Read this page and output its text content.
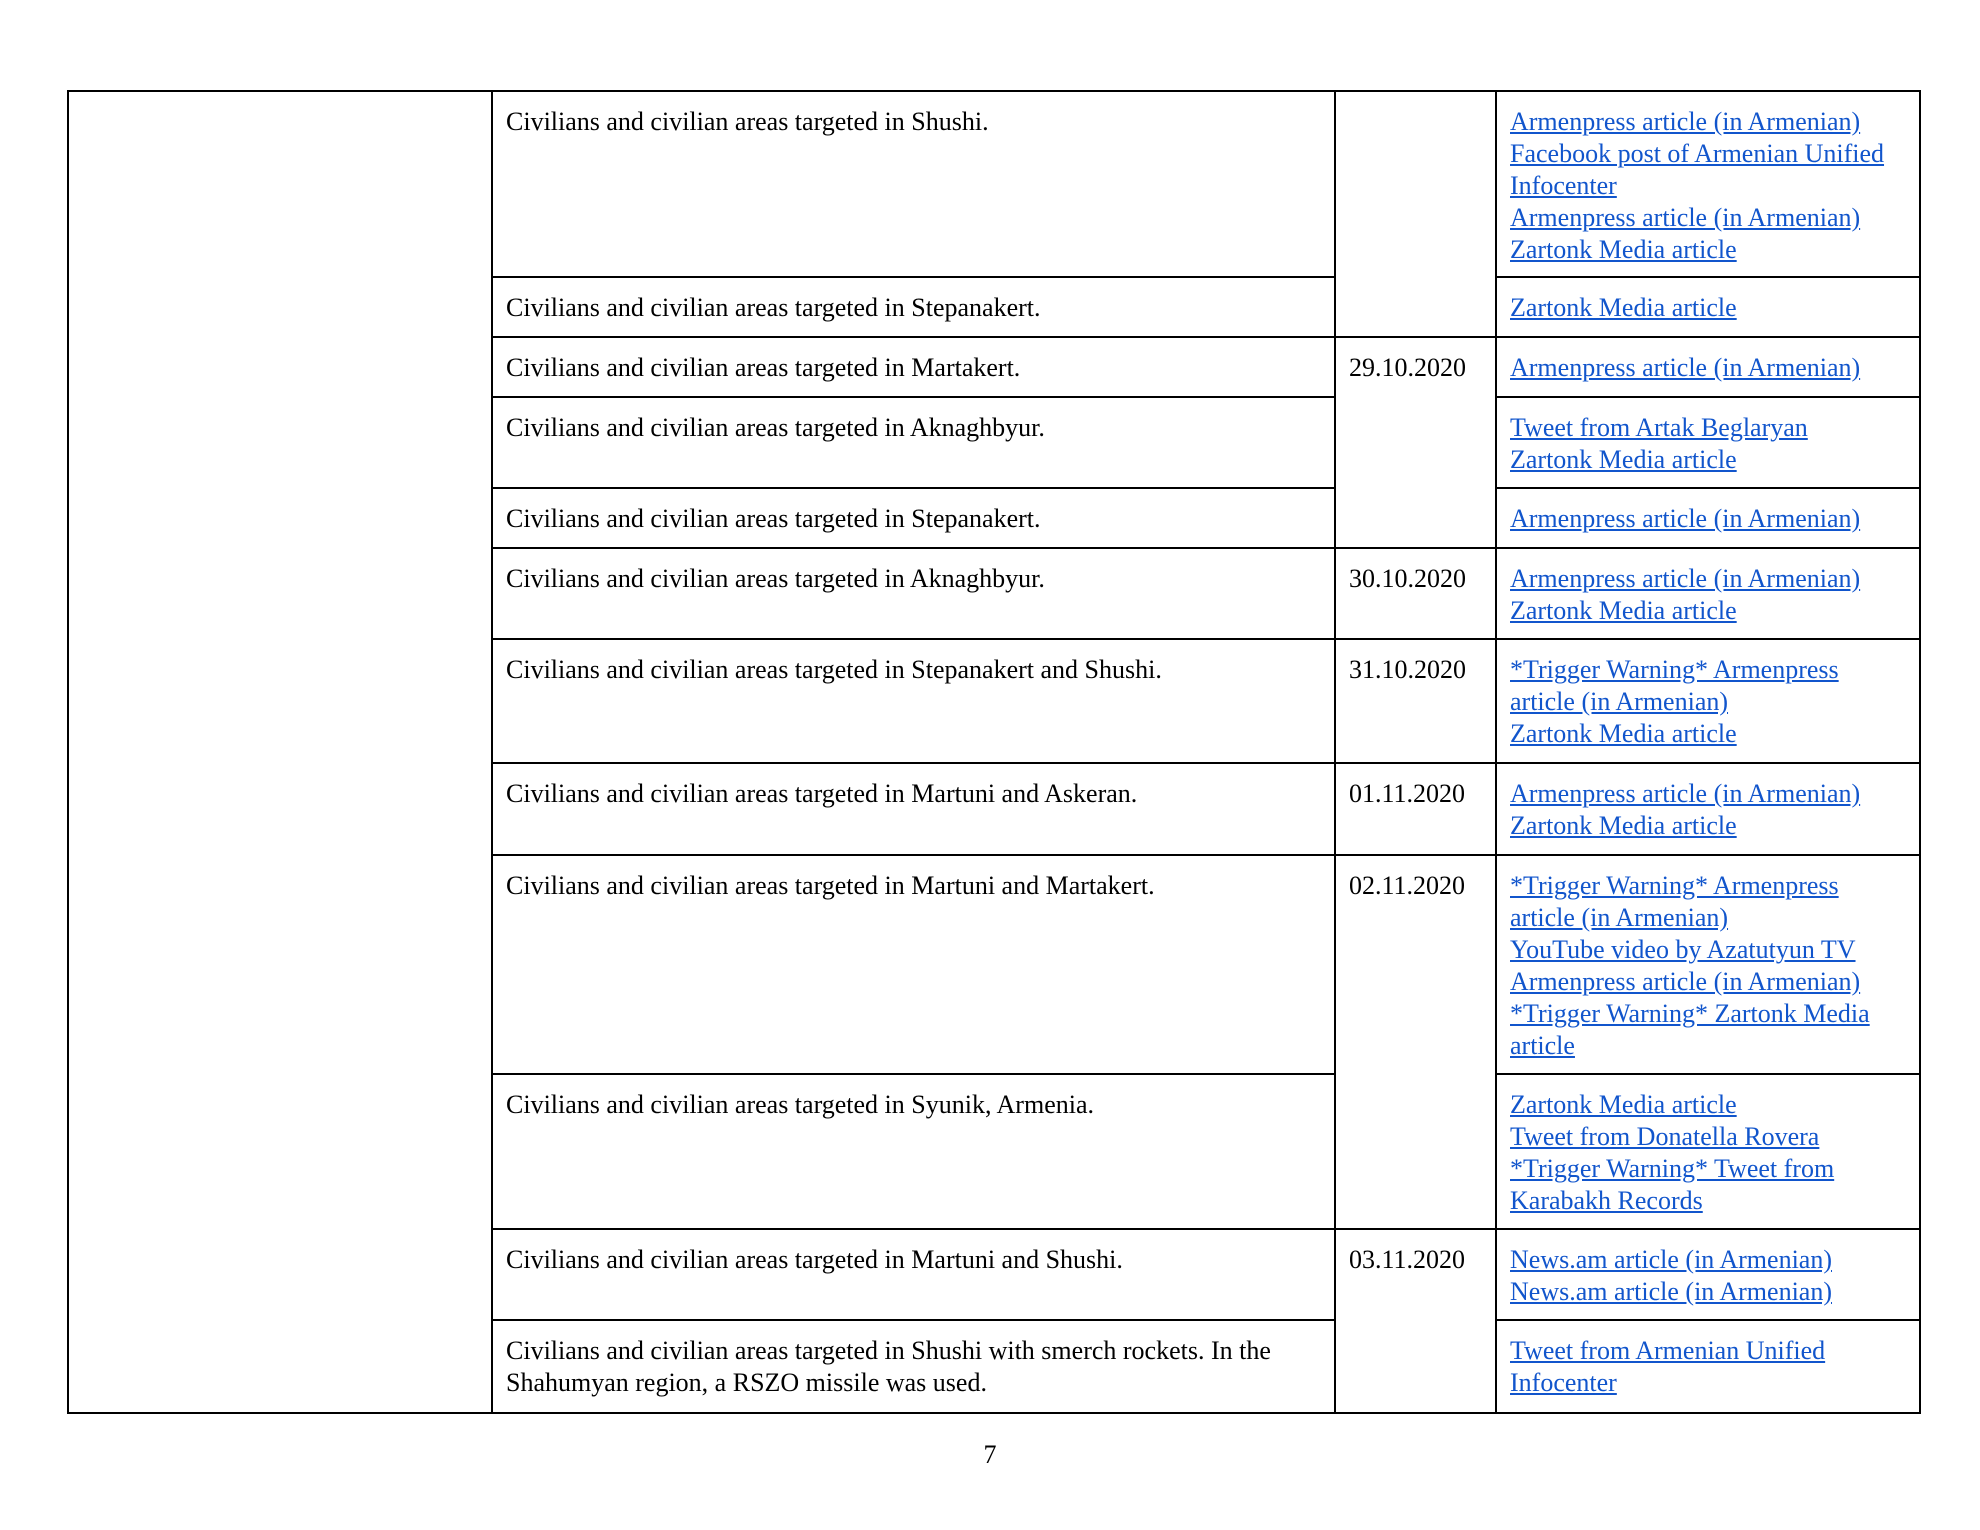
	Civilians and civilian areas targeted in Shushi.		Armenpress article (in Armenian)
Facebook post of Armenian Unified Infocenter
Armenpress article (in Armenian)
Zartonk Media article

	Civilians and civilian areas targeted in Stepanakert.		Zartonk Media article

	Civilians and civilian areas targeted in Martakert.	29.10.2020	Armenpress article (in Armenian)

	Civilians and civilian areas targeted in Aknaghbyur.		Tweet from Artak Beglaryan
Zartonk Media article

	Civilians and civilian areas targeted in Stepanakert.		Armenpress article (in Armenian)

	Civilians and civilian areas targeted in Aknaghbyur.	30.10.2020	Armenpress article (in Armenian)
Zartonk Media article

	Civilians and civilian areas targeted in Stepanakert and Shushi.	31.10.2020	*Trigger Warning* Armenpress article (in Armenian)
Zartonk Media article

	Civilians and civilian areas targeted in Martuni and Askeran.	01.11.2020	Armenpress article (in Armenian)
Zartonk Media article

	Civilians and civilian areas targeted in Martuni and Martakert.	02.11.2020	*Trigger Warning* Armenpress article (in Armenian)
YouTube video by Azatutyun TV
Armenpress article (in Armenian)
*Trigger Warning* Zartonk Media article

	Civilians and civilian areas targeted in Syunik, Armenia.		Zartonk Media article
Tweet from Donatella Rovera
*Trigger Warning* Tweet from Karabakh Records

	Civilians and civilian areas targeted in Martuni and Shushi.	03.11.2020	News.am article (in Armenian)
News.am article (in Armenian)

	Civilians and civilian areas targeted in Shushi with smerch rockets. In the Shahumyan region, a RSZO missile was used.		Tweet from Armenian Unified Infocenter
7
